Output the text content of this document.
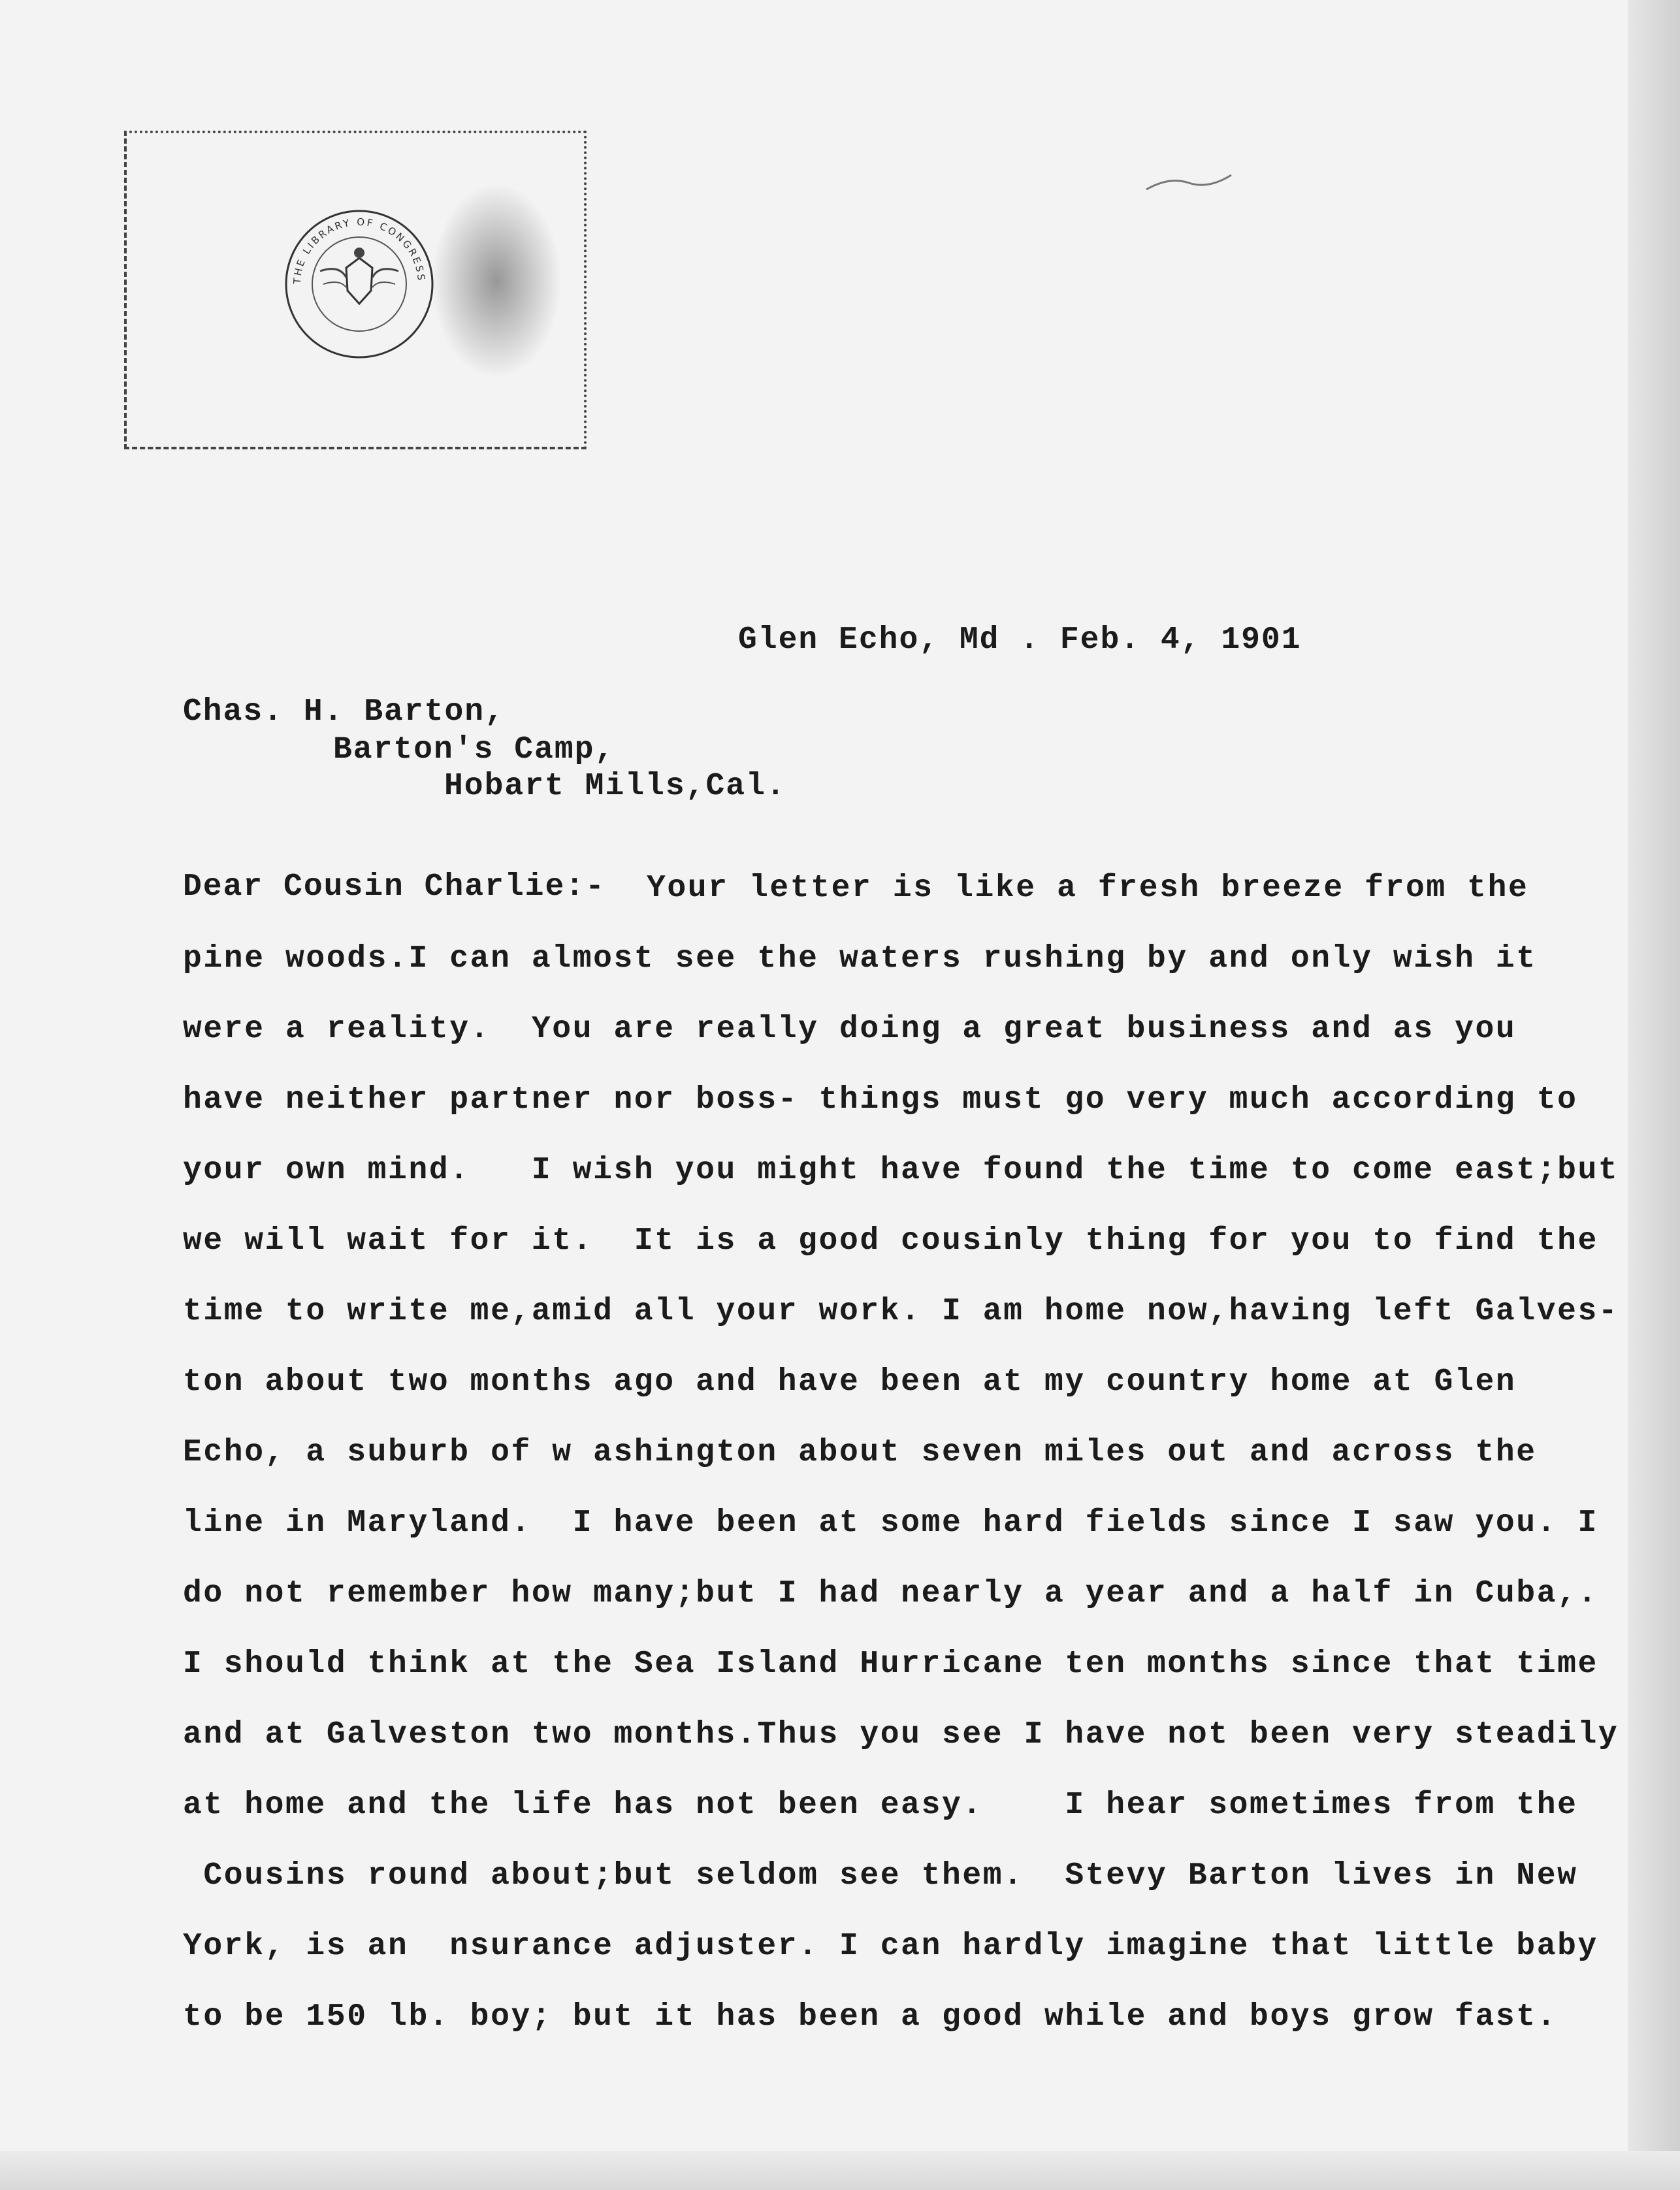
THE LIBRARY OF CONGRESS
Glen Echo, Md . Feb. 4, 1901
Chas. H. Barton,
Barton's Camp,
Hobart Mills,Cal.
Dear Cousin Charlie:- Your letter is like a fresh breeze from the
pine woods.I can almost see the waters rushing by and only wish it
were a reality.  You are really doing a great business and as you
have neither partner nor boss- things must go very much according to
your own mind.   I wish you might have found the time to come east;but
we will wait for it.  It is a good cousinly thing for you to find the
time to write me,amid all your work. I am home now,having left Galves-
ton about two months ago and have been at my country home at Glen
Echo, a suburb of w ashington about seven miles out and across the
line in Maryland.  I have been at some hard fields since I saw you. I
do not remember how many;but I had nearly a year and a half in Cuba,.
I should think at the Sea Island Hurricane ten months since that time
and at Galveston two months.Thus you see I have not been very steadily
at home and the life has not been easy.    I hear sometimes from the
Cousins round about;but seldom see them.  Stevy Barton lives in New
York, is an  nsurance adjuster. I can hardly imagine that little baby
to be 150 lb. boy; but it has been a good while and boys grow fast.
